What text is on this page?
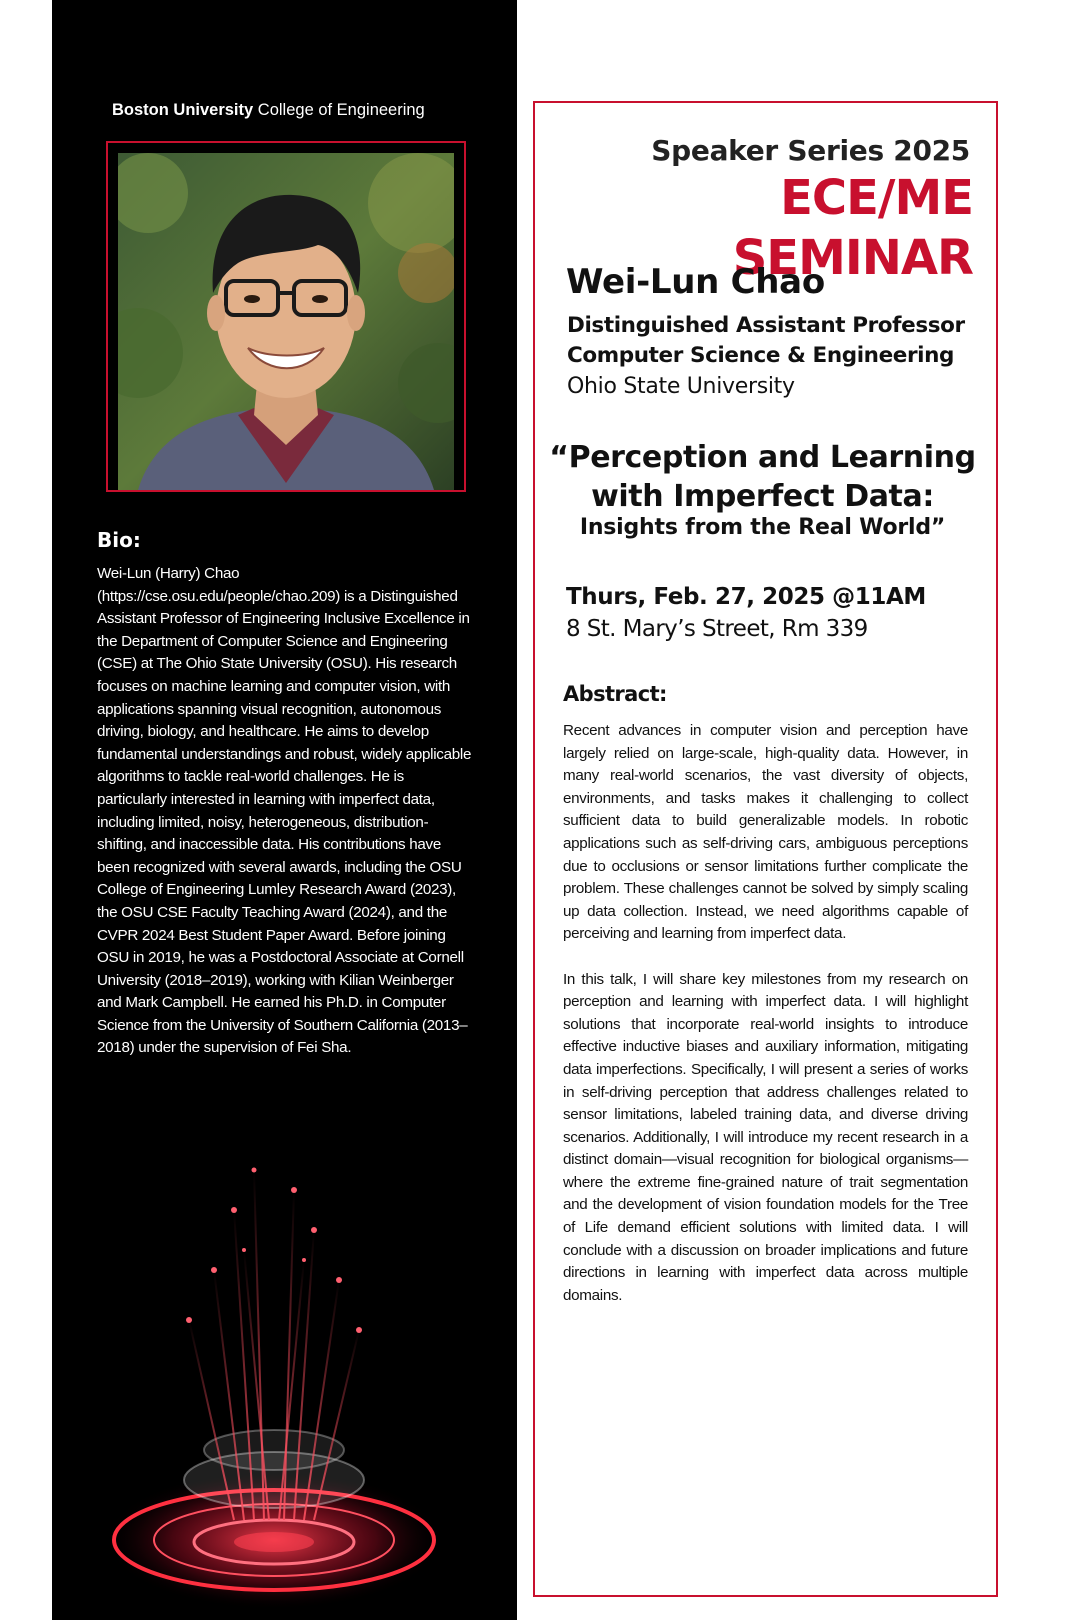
Boston University College of Engineering
Bio:
Wei-Lun (Harry) Chao (https://cse.osu.edu/people/chao.209) is a Distinguished Assistant Professor of Engineering Inclusive Excellence in the Department of Computer Science and Engineering (CSE) at The Ohio State University (OSU). His research focuses on machine learning and computer vision, with applications spanning visual recognition, autonomous driving, biology, and healthcare. He aims to develop fundamental understandings and robust, widely applicable algorithms to tackle real-world challenges. He is particularly interested in learning with imperfect data, including limited, noisy, heterogeneous, distribution-shifting, and inaccessible data. His contributions have been recognized with several awards, including the OSU College of Engineering Lumley Research Award (2023), the OSU CSE Faculty Teaching Award (2024), and the CVPR 2024 Best Student Paper Award. Before joining OSU in 2019, he was a Postdoctoral Associate at Cornell University (2018–2019), working with Kilian Weinberger and Mark Campbell. He earned his Ph.D. in Computer Science from the University of Southern California (2013–2018) under the supervision of Fei Sha.
Speaker Series 2025
ECE/ME SEMINAR
Wei-Lun Chao
Distinguished Assistant Professor
Computer Science & Engineering
Ohio State University
“Perception and Learning
with Imperfect Data:
Insights from the Real World”
Thurs, Feb. 27, 2025 @11AM
8 St. Mary’s Street, Rm 339
Abstract:

Recent advances in computer vision and perception have largely relied on large-scale, high-quality data. However, in many real-world scenarios, the vast diversity of objects, environments, and tasks makes it challenging to collect sufficient data to build generalizable models. In robotic applications such as self-driving cars, ambiguous perceptions due to occlusions or sensor limitations further complicate the problem. These challenges cannot be solved by simply scaling up data collection. Instead, we need algorithms capable of perceiving and learning from imperfect data.

In this talk, I will share key milestones from my research on perception and learning with imperfect data. I will highlight solutions that incorporate real-world insights to introduce effective inductive biases and auxiliary information, mitigating data imperfections. Specifically, I will present a series of works in self-driving perception that address challenges related to sensor limitations, labeled training data, and diverse driving scenarios. Additionally, I will introduce my recent research in a distinct domain—visual recognition for biological organisms—where the extreme fine-grained nature of trait segmentation and the development of vision foundation models for the Tree of Life demand efficient solutions with limited data. I will conclude with a discussion on broader implications and future directions in learning with imperfect data across multiple domains.
